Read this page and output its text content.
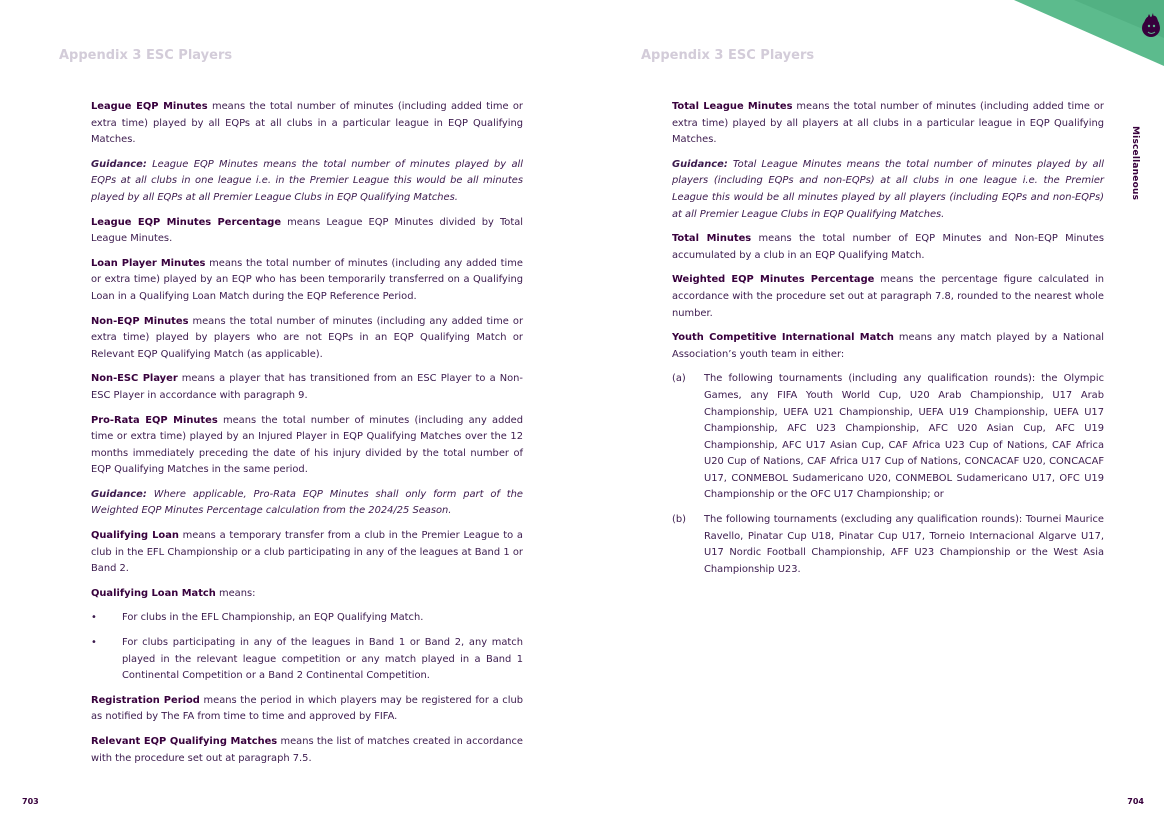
Appendix 3 ESC Players

League EQP Minutes means the total number of minutes (including added time or extra time) played by all EQPs at all clubs in a particular league in EQP Qualifying Matches.

Guidance: League EQP Minutes means the total number of minutes played by all EQPs at all clubs in one league i.e. in the Premier League this would be all minutes played by all EQPs at all Premier League Clubs in EQP Qualifying Matches.

League EQP Minutes Percentage means League EQP Minutes divided by Total League Minutes.

Loan Player Minutes means the total number of minutes (including any added time or extra time) played by an EQP who has been temporarily transferred on a Qualifying Loan in a Qualifying Loan Match during the EQP Reference Period.

Non-EQP Minutes means the total number of minutes (including any added time or extra time) played by players who are not EQPs in an EQP Qualifying Match or Relevant EQP Qualifying Match (as applicable).

Non-ESC Player means a player that has transitioned from an ESC Player to a Non-ESC Player in accordance with paragraph 9.

Pro-Rata EQP Minutes means the total number of minutes (including any added time or extra time) played by an Injured Player in EQP Qualifying Matches over the 12 months immediately preceding the date of his injury divided by the total number of EQP Qualifying Matches in the same period.

Guidance: Where applicable, Pro-Rata EQP Minutes shall only form part of the Weighted EQP Minutes Percentage calculation from the 2024/25 Season.

Qualifying Loan means a temporary transfer from a club in the Premier League to a club in the EFL Championship or a club participating in any of the leagues at Band 1 or Band 2.

Qualifying Loan Match means:

• For clubs in the EFL Championship, an EQP Qualifying Match.
• For clubs participating in any of the leagues in Band 1 or Band 2, any match played in the relevant league competition or any match played in a Band 1 Continental Competition or a Band 2 Continental Competition.

Registration Period means the period in which players may be registered for a club as notified by The FA from time to time and approved by FIFA.

Relevant EQP Qualifying Matches means the list of matches created in accordance with the procedure set out at paragraph 7.5.

703
Appendix 3 ESC Players

Total League Minutes means the total number of minutes (including added time or extra time) played by all players at all clubs in a particular league in EQP Qualifying Matches.

Guidance: Total League Minutes means the total number of minutes played by all players (including EQPs and non-EQPs) at all clubs in one league i.e. the Premier League this would be all minutes played by all players (including EQPs and non-EQPs) at all Premier League Clubs in EQP Qualifying Matches.

Total Minutes means the total number of EQP Minutes and Non-EQP Minutes accumulated by a club in an EQP Qualifying Match.

Weighted EQP Minutes Percentage means the percentage figure calculated in accordance with the procedure set out at paragraph 7.8, rounded to the nearest whole number.

Youth Competitive International Match means any match played by a National Association’s youth team in either:

(a) The following tournaments (including any qualification rounds): the Olympic Games, any FIFA Youth World Cup, U20 Arab Championship, U17 Arab Championship, UEFA U21 Championship, UEFA U19 Championship, UEFA U17 Championship, AFC U23 Championship, AFC U20 Asian Cup, AFC U19 Championship, AFC U17 Asian Cup, CAF Africa U23 Cup of Nations, CAF Africa U20 Cup of Nations, CAF Africa U17 Cup of Nations, CONCACAF U20, CONCACAF U17, CONMEBOL Sudamericano U20, CONMEBOL Sudamericano U17, OFC U19 Championship or the OFC U17 Championship; or
(b) The following tournaments (excluding any qualification rounds): Tournei Maurice Ravello, Pinatar Cup U18, Pinatar Cup U17, Torneio Internacional Algarve U17, U17 Nordic Football Championship, AFF U23 Championship or the West Asia Championship U23.
704
Miscellaneous
